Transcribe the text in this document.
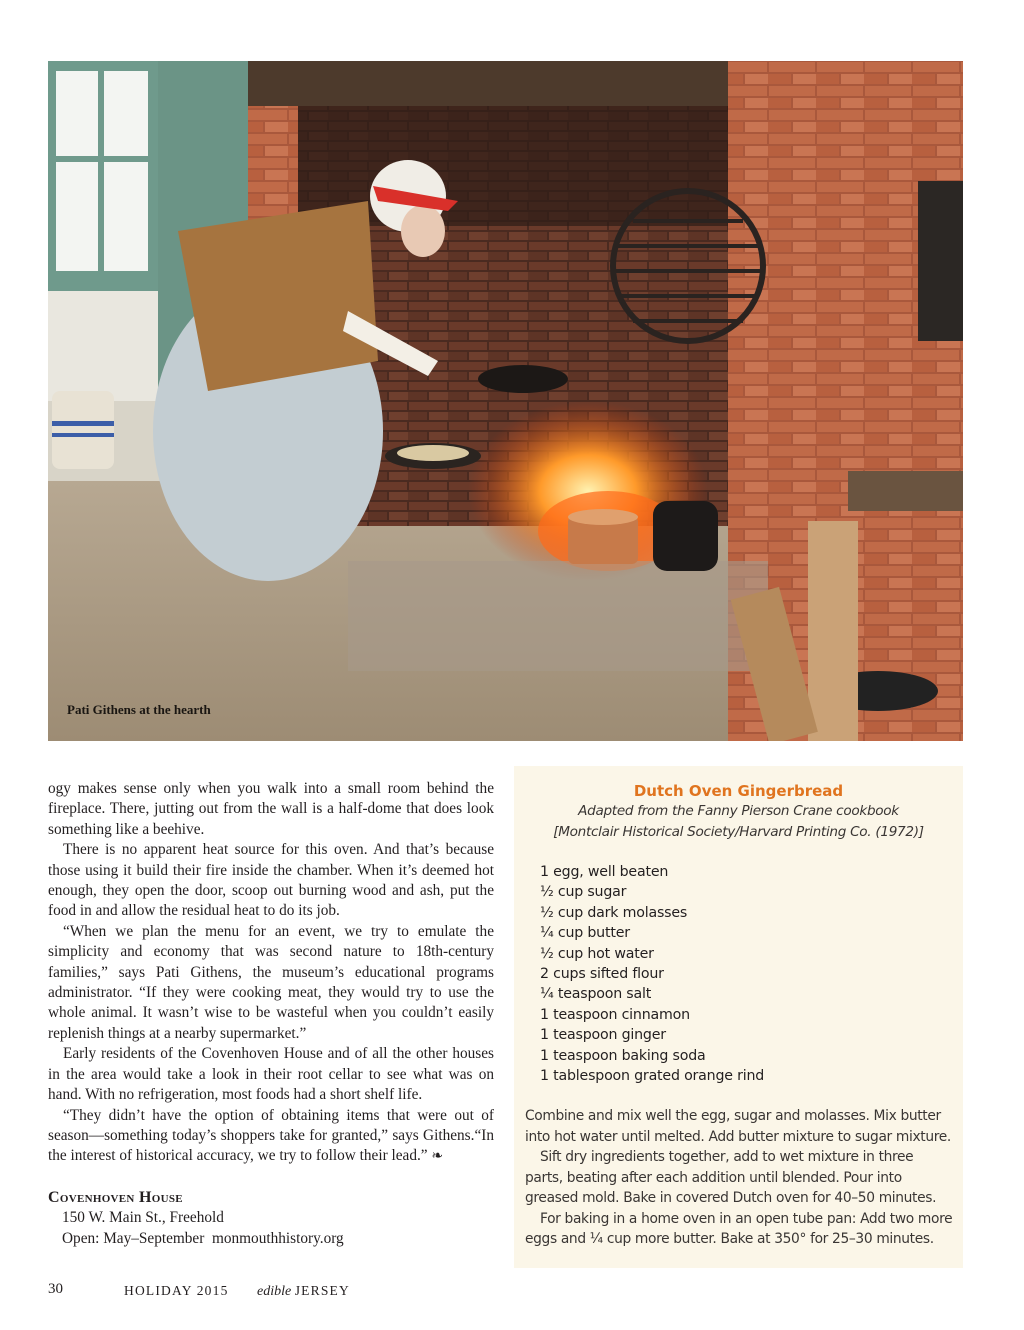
Pati Githens at the hearth

ogy makes sense only when you walk into a small room behind the fireplace. There, jutting out from the wall is a half-dome that does look something like a beehive.

There is no apparent heat source for this oven. And that’s because those using it build their fire inside the chamber. When it’s deemed hot enough, they open the door, scoop out burning wood and ash, put the food in and allow the residual heat to do its job.

“When we plan the menu for an event, we try to emulate the simplicity and economy that was second nature to 18th-century families,” says Pati Githens, the museum’s educational programs administrator. “If they were cooking meat, they would try to use the whole animal. It wasn’t wise to be wasteful when you couldn’t easily replenish things at a nearby supermarket.”

Early residents of the Covenhoven House and of all the other houses in the area would take a look in their root cellar to see what was on hand. With no refrigeration, most foods had a short shelf life.

“They didn’t have the option of obtaining items that were out of season—something today’s shoppers take for granted,” says Githens.“In the interest of historical accuracy, we try to follow their lead.” ❧

Covenhoven House
150 W. Main St., Freehold
Open: May–September  monmouthhistory.org
Dutch Oven Gingerbread
Adapted from the Fanny Pierson Crane cookbook
[Montclair Historical Society/Harvard Printing Co. (1972)]
1 egg, well beaten
½ cup sugar
½ cup dark molasses
¼ cup butter
½ cup hot water
2 cups sifted flour
¼ teaspoon salt
1 teaspoon cinnamon
1 teaspoon ginger
1 teaspoon baking soda
1 tablespoon grated orange rind

Combine and mix well the egg, sugar and molasses. Mix butter into hot water until melted. Add butter mixture to sugar mixture.

Sift dry ingredients together, add to wet mixture in three parts, beating after each addition until blended. Pour into greased mold. Bake in covered Dutch oven for 40–50 minutes.

For baking in a home oven in an open tube pan: Add two more eggs and ¼ cup more butter. Bake at 350° for 25–30 minutes.

30	HOLIDAY 2015 edible JERSEY
